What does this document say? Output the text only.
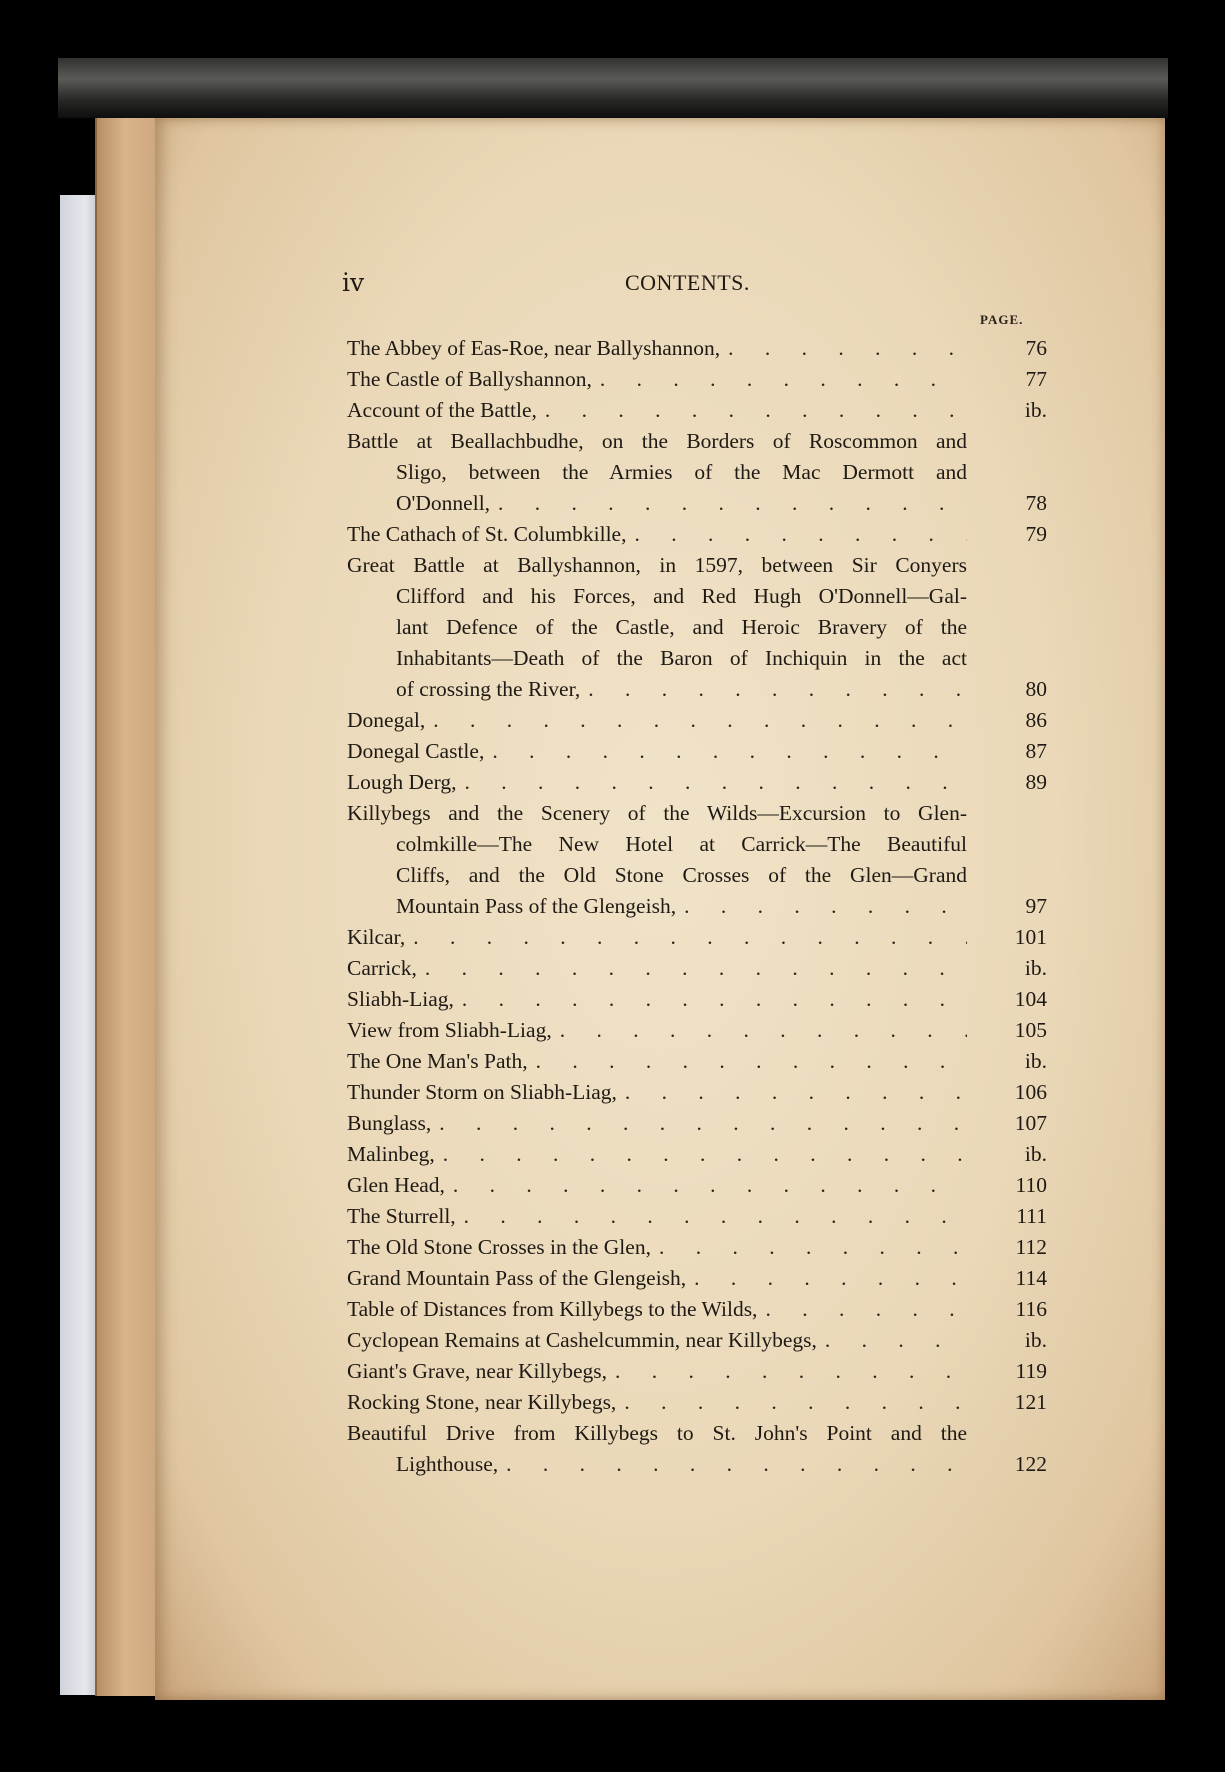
iv	CONTENTS.
PAGE.
The Abbey of Eas-Roe, near Ballyshannon, . . .	76
The Castle of Ballyshannon, . . .	77
Account of the Battle, . . .	ib.
Battle at Beallachbudhe, on the Borders of Roscommon and
Sligo, between the Armies of the Mac Dermott and
O'Donnell, . . .	78
The Cathach of St. Columbkille, . . .	79
Great Battle at Ballyshannon, in 1597, between Sir Conyers
Clifford and his Forces, and Red Hugh O'Donnell—Gal-
lant Defence of the Castle, and Heroic Bravery of the
Inhabitants—Death of the Baron of Inchiquin in the act
of crossing the River, . . .	80
Donegal, . . .	86
Donegal Castle, . . .	87
Lough Derg, . . .	89
Killybegs and the Scenery of the Wilds—Excursion to Glen-
colmkille—The New Hotel at Carrick—The Beautiful
Cliffs, and the Old Stone Crosses of the Glen—Grand
Mountain Pass of the Glengeish, . . .	97
Kilcar, . . .	101
Carrick, . . .	ib.
Sliabh-Liag, . . .	104
View from Sliabh-Liag, . . .	105
The One Man's Path, . . .	ib.
Thunder Storm on Sliabh-Liag, . . .	106
Bunglass, . . .	107
Malinbeg, . . .	ib.
Glen Head, . . .	110
The Sturrell, . . .	111
The Old Stone Crosses in the Glen, . . .	112
Grand Mountain Pass of the Glengeish, . . .	114
Table of Distances from Killybegs to the Wilds, . . .	116
Cyclopean Remains at Cashelcummin, near Killybegs, . . .	ib.
Giant's Grave, near Killybegs, . . .	119
Rocking Stone, near Killybegs, . . .	121
Beautiful Drive from Killybegs to St. John's Point and the
Lighthouse, . . .	122
